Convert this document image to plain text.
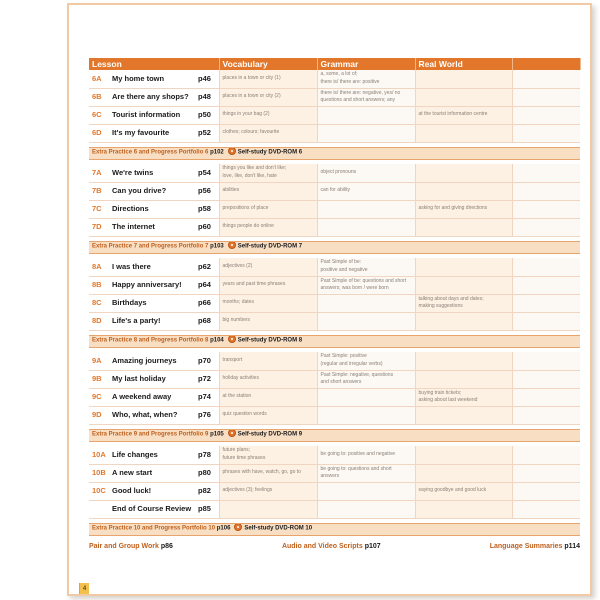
Lesson			Vocabulary	Grammar	Real World	
6A	My home town	p46	places in a town or city (1)	a, some, a lot of;
there is/ there are: positive		

6B	Are there any shops?	p48	places in a town or city (2)	there is/ there are: negative, yes/ no
questions and short answers; any		

6C	Tourist information	p50	things in your bag (2)		at the tourist information centre	

6D	It's my favourite	p52	clothes; colours; favourite			

Extra Practice 6 and Progress Portfolio 6 p102 Self-study DVD-ROM 6						

7A	We're twins	p54	things you like and don't like;
love, like, don't like, hate	object pronouns		

7B	Can you drive?	p56	abilities	can for ability		

7C	Directions	p58	prepositions of place		asking for and giving directions	

7D	The internet	p60	things people do online			

Extra Practice 7 and Progress Portfolio 7 p103 Self-study DVD-ROM 7						

8A	I was there	p62	adjectives (2)	Past Simple of be:
positive and negative		

8B	Happy anniversary!	p64	years and past time phrases	Past Simple of be: questions and short
answers; was born / were born		

8C	Birthdays	p66	months; dates		talking about days and dates;
making suggestions	

8D	Life's a party!	p68	big numbers			

Extra Practice 8 and Progress Portfolio 8 p104 Self-study DVD-ROM 8						

9A	Amazing journeys	p70	transport	Past Simple: positive
(regular and irregular verbs)		

9B	My last holiday	p72	holiday activities	Past Simple: negative, questions
and short answers		

9C	A weekend away	p74	at the station		buying train tickets;
asking about last weekend	

9D	Who, what, when?	p76	quiz question words			

Extra Practice 9 and Progress Portfolio 9 p105 Self-study DVD-ROM 9						

10A	Life changes	p78	future plans;
future time phrases	be going to: positive and negative		

10B	A new start	p80	phrases with have, watch, go, go to	be going to: questions and short answers		

10C	Good luck!	p82	adjectives (3); feelings		saying goodbye and good luck	

	End of Course Review	p85				

Extra Practice 10 and Progress Portfolio 10 p106 Self-study DVD-ROM 10						

Pair and Group Work p86	Audio and Video Scripts p107	Language Summaries p114
4
